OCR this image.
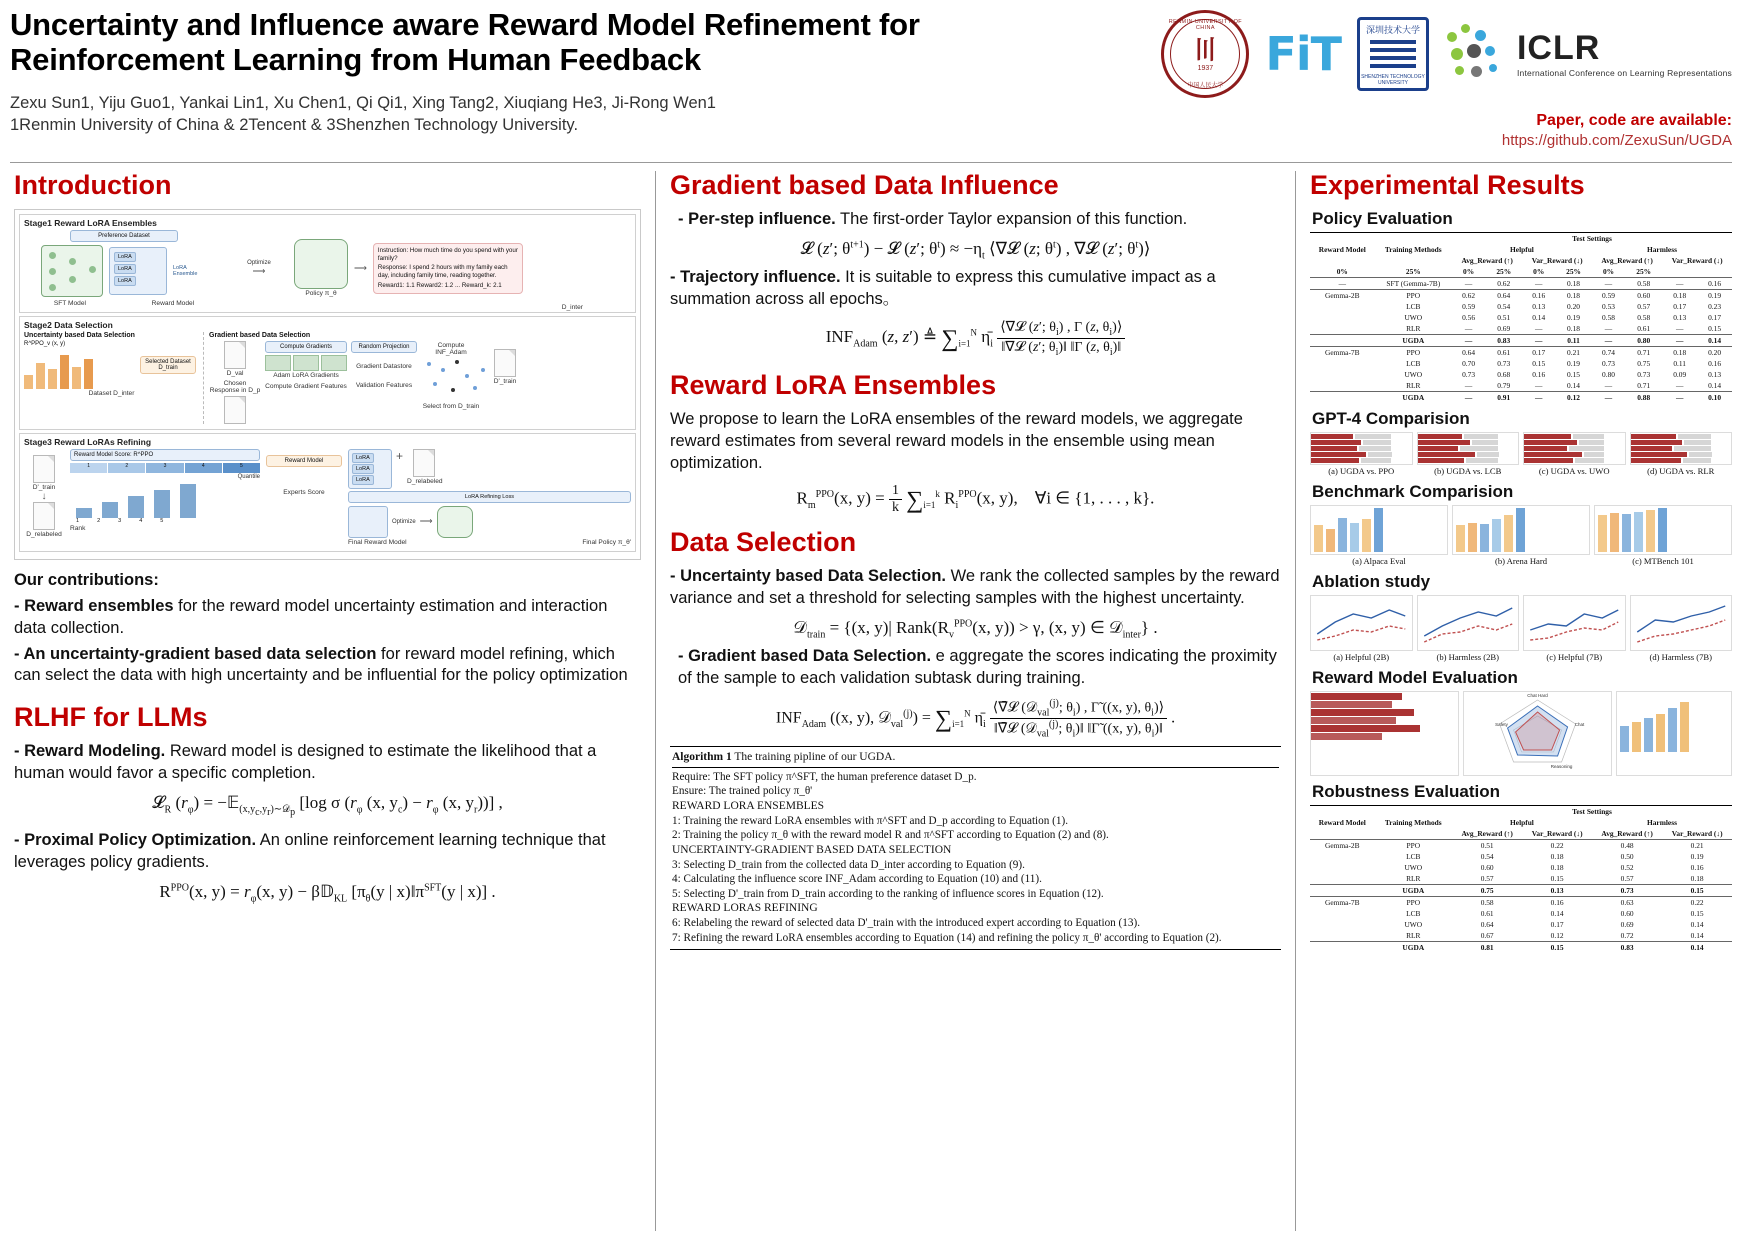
Uncertainty and Influence aware Reward Model Refinement for Reinforcement Learning from Human Feedback
Zexu Sun1, Yiju Guo1, Yankai Lin1, Xu Chen1, Qi Qi1, Xing Tang2, Xiuqiang He3, Ji-Rong Wen1
1Renmin University of China & 2Tencent & 3Shenzhen Technology University.
RENMIN UNIVERSITY OF CHINA
〣
1937
中国人民大学
FiT	深圳技术大学
SHENZHEN TECHNOLOGY UNIVERSITY
ICLR
International Conference on Learning Representations
Paper, code are available:
https://github.com/ZexuSun/UGDA
Introduction
Stage1 Reward LoRA Ensembles
Preference Dataset
LoRA
LoRA
LoRA
LoRA Ensemble
SFT Model	Reward Model
Optimize
⟶
Policy π_θ
⟶
Instruction: How much time do you spend with your family?
Response: I spend 2 hours with my family each day, including family time, reading together.
Reward1: 1.1 Reward2: 1.2 ... Reward_k: 2.1
D_inter
Stage2 Data Selection
Uncertainty based Data Selection
R^PPO_v (x, y)
Selected Dataset D_train
Dataset D_inter
Gradient based Data Selection
D_val
Chosen Response in D_p
Compute Gradients
Adam LoRA Gradients
Compute Gradient Features
Random Projection
Gradient Datastore
Validation Features
Compute INF_Adam
Select from D_train
D'_train
Stage3 Reward LoRAs Refining
D'_train
↓
D_relabeled
Reward Model Score: R^PPO
1	2	3	4	5
Quantile
1	2	3	4	5
Rank
Reward Model
Experts Score
LoRA
LoRA
LoRA
+
D_relabeled
LoRA Refining Loss
Optimize ⟶
Final Reward Model	Final Policy π_θ'

Our contributions:

- Reward ensembles for the reward model uncertainty estimation and interaction data collection.

- An uncertainty-gradient based data selection for reward model refining, which can select the data with high uncertainty and be influential for the policy optimization

RLHF for LLMs

- Reward Modeling. Reward model is designed to estimate the likelihood that a human would favor a specific completion.

𝓛$_R$ $(r_\varphi)$ = −𝔼$_{(x,y_c,y_r)\sim 𝒟_p}$ [log σ ($r_\varphi$ (x, $y_c) - r_\varphi$ (x, $y_r$))] ,

- Proximal Policy Optimization. An online reinforcement learning technique that leverages policy gradients.

$R^{PPO}(x$, $y) = r_\varphi(x$, y) − β𝔻$_{KL}$ [$\pi_\theta(y$ | $x)‖\pi^{SFT}(y$ | x)] .
Gradient based Data Influence

- Per-step influence. The first-order Taylor expansion of this function.

𝓛 (z′; $\theta^{t+1}$) − 𝓛 (z′; $\theta^t) \approx -\eta_t$ ⟨∇𝓛 (z; $\theta^t$) , ∇𝓛 (z′; $\theta^t)⟩$

- Trajectory influence. It is suitable to express this cumulative impact as a summation across all epochs。

$INF_{Adam}$ (z, z′) ≜ $\sum_{i=1}^N$ $\etā_i \frac{⟨\nabla 𝓛 (z'; \theta_i) , \Gamma (z, \theta_i)⟩}{‖\nabla 𝓛 (z'; \theta_i)‖ ‖\Gamma (z, \theta_i)‖}$
Reward LoRA Ensembles

We propose to learn the LoRA ensembles of the reward models, we aggregate reward estimates from several reward models in the ensemble using mean optimization.

$R_m^{PPO}(x$, $y) = \frac{1}{k} \sum_{i=1}^k$ $R_i^{PPO}(x$, y),    ∀i ∈ {1, . . . , k}.
Data Selection

- Uncertainty based Data Selection. We rank the collected samples by the reward variance and set a threshold for selecting samples with the highest uncertainty.

𝒟$_{train}$ = {(x, y)| $Rank(R_v^{PPO}(x$, y)) > γ, (x, y) ∈ 𝒟$_{inter}$} .

- Gradient based Data Selection. e aggregate the scores indicating the proximity of the sample to each validation subtask during training.

$INF_{Adam}$ ((x, y), 𝒟$_{val}^{(j)}$) = $\sum_{i=1}^N$ $\etā_i \frac{⟨\nablā𝓛 (𝒟_{val}^{(j)}; \theta_i) , \Gammã ((x, y), \theta_i)⟩}{‖\nablā𝓛 (𝒟_{val}^{(j)}; \theta_i)‖ ‖\Gammã ((x, y), \theta_i)‖}$ .
Algorithm 1 The training pipline of our UGDA.
Require: The SFT policy π^SFT, the human preference dataset D_p.
Ensure: The trained policy π_θ'
REWARD LORA ENSEMBLES
1: Training the reward LoRA ensembles with π^SFT and D_p according to Equation (1).
2: Training the policy π_θ with the reward model R and π^SFT according to Equation (2) and (8).
UNCERTAINTY-GRADIENT BASED DATA SELECTION
3: Selecting D_train from the collected data D_inter according to Equation (9).
4: Calculating the influence score INF_Adam according to Equation (10) and (11).
5: Selecting D'_train from D_train according to the ranking of influence scores in Equation (12).
REWARD LORAS REFINING
6: Relabeling the reward of selected data D'_train with the introduced expert according to Equation (13).
7: Refining the reward LoRA ensembles according to Equation (14) and refining the policy π_θ' according to Equation (2).
Experimental Results
Policy Evaluation
Reward Model	Training Methods	Test Settings							
		Helpful				Harmless			
		Avg_Reward (↑)		Var_Reward (↓)		Avg_Reward (↑)		Var_Reward (↓)	
0%	25%	0%	25%	0%	25%	0%	25%	
—	SFT (Gemma-7B)	—	0.62	—	0.18	—	0.58	—	0.16
Gemma-2B	PPO	0.62	0.64	0.16	0.18	0.59	0.60	0.18	0.19
	LCB	0.59	0.54	0.13	0.20	0.53	0.57	0.17	0.23
	UWO	0.56	0.51	0.14	0.19	0.58	0.58	0.13	0.17
	RLR	—	0.69	—	0.18	—	0.61	—	0.15
	UGDA	—	0.83	—	0.11	—	0.80	—	0.14
Gemma-7B	PPO	0.64	0.61	0.17	0.21	0.74	0.71	0.18	0.20
	LCB	0.70	0.73	0.15	0.19	0.73	0.75	0.11	0.16
	UWO	0.73	0.68	0.16	0.15	0.80	0.73	0.09	0.13
	RLR	—	0.79	—	0.14	—	0.71	—	0.14
	UGDA	—	0.91	—	0.12	—	0.88	—	0.10
GPT-4 Comparision
(a) UGDA vs. PPO	(b) UGDA vs. LCB	(c) UGDA vs. UWO	(d) UGDA vs. RLR
Benchmark Comparision
(a) Alpaca Eval	(b) Arena Hard	(c) MTBench 101
Ablation study
(a) Helpful (2B)	(b) Harmless (2B)	(c) Helpful (7B)	(d) Harmless (7B)
Reward Model Evaluation
Chat Hard
Chat
Reasoning
Safety
Robustness Evaluation
Reward Model	Training Methods	Test Settings			
		Helpful		Harmless	
		Avg_Reward (↑)	Var_Reward (↓)	Avg_Reward (↑)	Var_Reward (↓)
Gemma-2B	PPO	0.51	0.22	0.48	0.21
	LCB	0.54	0.18	0.50	0.19
	UWO	0.60	0.18	0.52	0.16
	RLR	0.57	0.15	0.57	0.18
	UGDA	0.75	0.13	0.73	0.15
Gemma-7B	PPO	0.58	0.16	0.63	0.22
	LCB	0.61	0.14	0.60	0.15
	UWO	0.64	0.17	0.69	0.14
	RLR	0.67	0.12	0.72	0.14
	UGDA	0.81	0.15	0.83	0.14
